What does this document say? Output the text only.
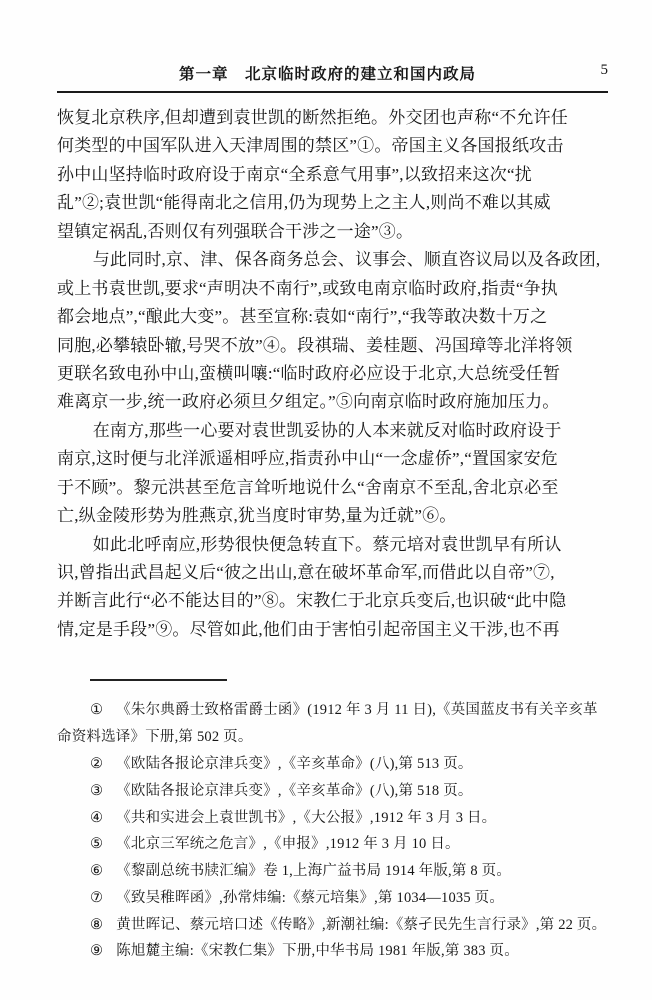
第一章　北京临时政府的建立和国内政局	5
恢复北京秩序,但却遭到袁世凯的断然拒绝。外交团也声称“不允许任
何类型的中国军队进入天津周围的禁区”①。帝国主义各国报纸攻击
孙中山坚持临时政府设于南京“全系意气用事”,以致招来这次“扰
乱”②;袁世凯“能得南北之信用,仍为现势上之主人,则尚不难以其威
望镇定祸乱,否则仅有列强联合干涉之一途”③。
与此同时,京、津、保各商务总会、议事会、顺直咨议局以及各政团,
或上书袁世凯,要求“声明决不南行”,或致电南京临时政府,指责“争执
都会地点”,“酿此大变”。甚至宣称:袁如“南行”,“我等敢决数十万之
同胞,必攀辕卧辙,号哭不放”④。段祺瑞、姜桂题、冯国璋等北洋将领
更联名致电孙中山,蛮横叫嚷:“临时政府必应设于北京,大总统受任暂
难离京一步,统一政府必须旦夕组定。”⑤向南京临时政府施加压力。
在南方,那些一心要对袁世凯妥协的人本来就反对临时政府设于
南京,这时便与北洋派遥相呼应,指责孙中山“一念虚侨”,“置国家安危
于不顾”。黎元洪甚至危言耸听地说什么“舍南京不至乱,舍北京必至
亡,纵金陵形势为胜燕京,犹当度时审势,量为迁就”⑥。
如此北呼南应,形势很快便急转直下。蔡元培对袁世凯早有所认
识,曾指出武昌起义后“彼之出山,意在破坏革命军,而借此以自帝”⑦,
并断言此行“必不能达目的”⑧。宋教仁于北京兵变后,也识破“此中隐
情,定是手段”⑨。尽管如此,他们由于害怕引起帝国主义干涉,也不再
① 《朱尔典爵士致格雷爵士函》(1912 年 3 月 11 日),《英国蓝皮书有关辛亥革
命资料选译》下册,第 502 页。
② 《欧陆各报论京津兵变》,《辛亥革命》(八),第 513 页。
③ 《欧陆各报论京津兵变》,《辛亥革命》(八),第 518 页。
④ 《共和实进会上袁世凯书》,《大公报》,1912 年 3 月 3 日。
⑤ 《北京三军统之危言》,《申报》,1912 年 3 月 10 日。
⑥ 《黎副总统书牍汇编》卷 1,上海广益书局 1914 年版,第 8 页。
⑦ 《致吴稚晖函》,孙常炜编:《蔡元培集》,第 1034—1035 页。
⑧ 黄世晖记、蔡元培口述《传略》,新潮社编:《蔡孑民先生言行录》,第 22 页。
⑨ 陈旭麓主编:《宋教仁集》下册,中华书局 1981 年版,第 383 页。
